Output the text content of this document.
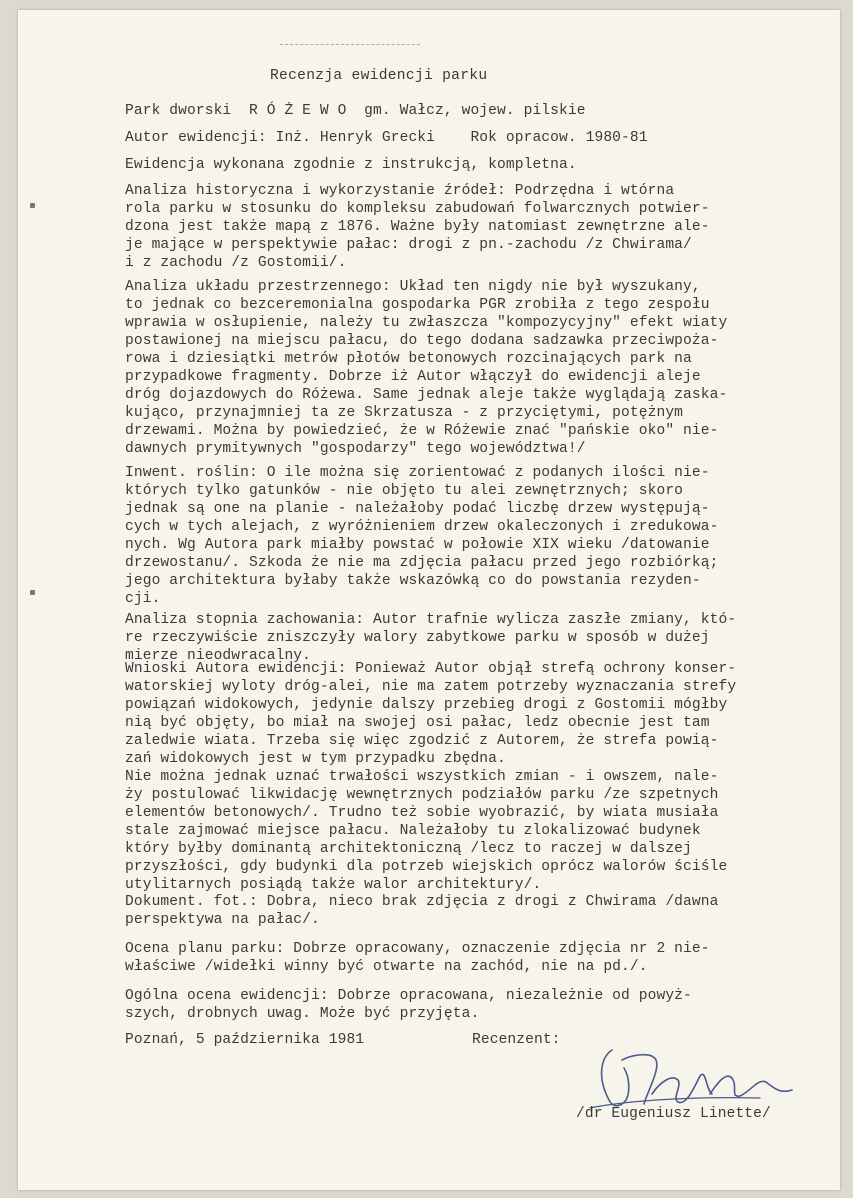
Recenzja ewidencji parku
Park dworski  R Ó Ż E W O  gm. Wałcz, wojew. pilskie
Autor ewidencji: Inż. Henryk Grecki    Rok opracow. 1980-81
Ewidencja wykonana zgodnie z instrukcją, kompletna.
Analiza historyczna i wykorzystanie źródeł: Podrzędna i wtórna
rola parku w stosunku do kompleksu zabudowań folwarcznych potwier-
dzona jest także mapą z 1876. Ważne były natomiast zewnętrzne ale-
je mające w perspektywie pałac: drogi z pn.-zachodu /z Chwirama/
i z zachodu /z Gostomii/.
Analiza układu przestrzennego: Układ ten nigdy nie był wyszukany,
to jednak co bezceremonialna gospodarka PGR zrobiła z tego zespołu
wprawia w osłupienie, należy tu zwłaszcza "kompozycyjny" efekt wiaty
postawionej na miejscu pałacu, do tego dodana sadzawka przeciwpoża-
rowa i dziesiątki metrów płotów betonowych rozcinających park na
przypadkowe fragmenty. Dobrze iż Autor włączył do ewidencji aleje
dróg dojazdowych do Różewa. Same jednak aleje także wyglądają zaska-
kująco, przynajmniej ta ze Skrzatusza - z przyciętymi, potężnym
drzewami. Można by powiedzieć, że w Różewie znać "pańskie oko" nie-
dawnych prymitywnych "gospodarzy" tego województwa!/
Inwent. roślin: O ile można się zorientować z podanych ilości nie-
których tylko gatunków - nie objęto tu alei zewnętrznych; skoro
jednak są one na planie - należałoby podać liczbę drzew występują-
cych w tych alejach, z wyróżnieniem drzew okaleczonych i zredukowa-
nych. Wg Autora park miałby powstać w połowie XIX wieku /datowanie
drzewostanu/. Szkoda że nie ma zdjęcia pałacu przed jego rozbiórką;
jego architektura byłaby także wskazówką co do powstania rezyden-
cji.
Analiza stopnia zachowania: Autor trafnie wylicza zaszłe zmiany, któ-
re rzeczywiście zniszczyły walory zabytkowe parku w sposób w dużej
mierze nieodwracalny.
Wnioski Autora ewidencji: Ponieważ Autor objął strefą ochrony konser-
watorskiej wyloty dróg-alei, nie ma zatem potrzeby wyznaczania strefy
powiązań widokowych, jedynie dalszy przebieg drogi z Gostomii mógłby
nią być objęty, bo miał na swojej osi pałac, ledz obecnie jest tam
zaledwie wiata. Trzeba się więc zgodzić z Autorem, że strefa powią-
zań widokowych jest w tym przypadku zbędna.
Nie można jednak uznać trwałości wszystkich zmian - i owszem, nale-
ży postulować likwidację wewnętrznych podziałów parku /ze szpetnych
elementów betonowych/. Trudno też sobie wyobrazić, by wiata musiała
stale zajmować miejsce pałacu. Należałoby tu zlokalizować budynek
który byłby dominantą architektoniczną /lecz to raczej w dalszej
przyszłości, gdy budynki dla potrzeb wiejskich oprócz walorów ściśle
utylitarnych posiądą także walor architektury/.
Dokument. fot.: Dobra, nieco brak zdjęcia z drogi z Chwirama /dawna
perspektywa na pałac/.
Ocena planu parku: Dobrze opracowany, oznaczenie zdjęcia nr 2 nie-
właściwe /widełki winny być otwarte na zachód, nie na pd./.
Ogólna ocena ewidencji: Dobrze opracowana, niezależnie od powyż-
szych, drobnych uwag. Może być przyjęta.
Poznań, 5 października 1981	Recenzent:
/dr Eugeniusz Linette/
